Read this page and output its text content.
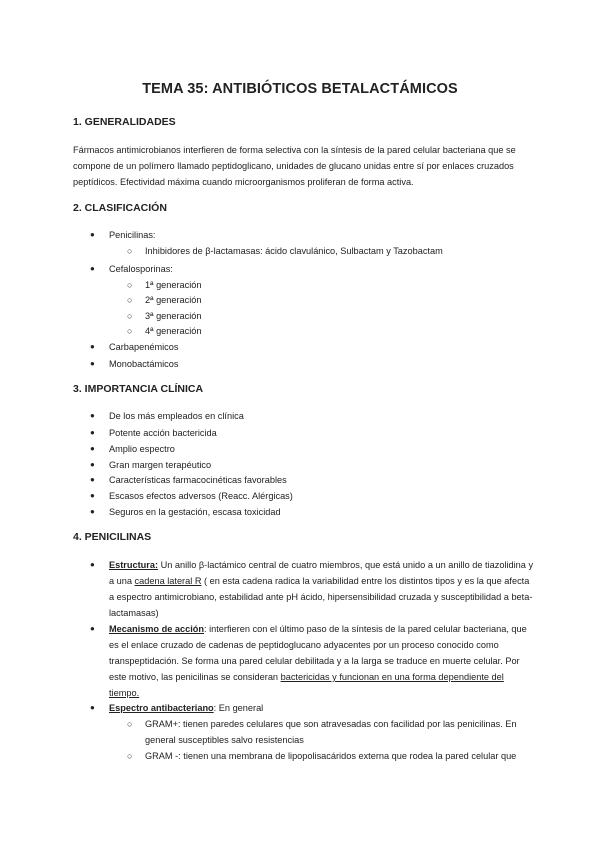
TEMA 35: ANTIBIÓTICOS BETALACTÁMICOS
1. GENERALIDADES

Fármacos antimicrobianos interfieren de forma selectiva con la síntesis de la pared celular bacteriana que se compone de un polímero llamado peptidoglicano, unidades de glucano unidas entre sí por enlaces cruzados peptídicos. Efectividad máxima cuando microorganismos proliferan de forma activa.

2. CLASIFICACIÓN
● Penicilinas:
○ Inhibidores de β-lactamasas: ácido clavulánico, Sulbactam y Tazobactam
● Cefalosporinas:
○ 1ª generación
○ 2ª generación
○ 3ª generación
○ 4ª generación
● Carbapenémicos
● Monobactámicos
3. IMPORTANCIA CLÍNICA
● De los más empleados en clínica
● Potente acción bactericida
● Amplio espectro
● Gran margen terapéutico
● Características farmacocinéticas favorables
● Escasos efectos adversos (Reacc. Alérgicas)
● Seguros en la gestación, escasa toxicidad
4. PENICILINAS
● Estructura: Un anillo β-lactámico central de cuatro miembros, que está unido a un anillo de tiazolidina y a una cadena lateral R ( en esta cadena radica la variabilidad entre los distintos tipos y es la que afecta a espectro antimicrobiano, estabilidad ante pH ácido, hipersensibilidad cruzada y susceptibilidad a beta-lactamasas)
● Mecanismo de acción: interfieren con el último paso de la síntesis de la pared celular bacteriana, que es el enlace cruzado de cadenas de peptidoglucano adyacentes por un proceso conocido como transpeptidación. Se forma una pared celular debilitada y a la larga se traduce en muerte celular. Por este motivo, las penicilinas se consideran bactericidas y funcionan en una forma dependiente del tiempo.
● Espectro antibacteriano: En general
○ GRAM+: tienen paredes celulares que son atravesadas con facilidad por las penicilinas. En general susceptibles salvo resistencias
○ GRAM -: tienen una membrana de lipopolisacáridos externa que rodea la pared celular que
